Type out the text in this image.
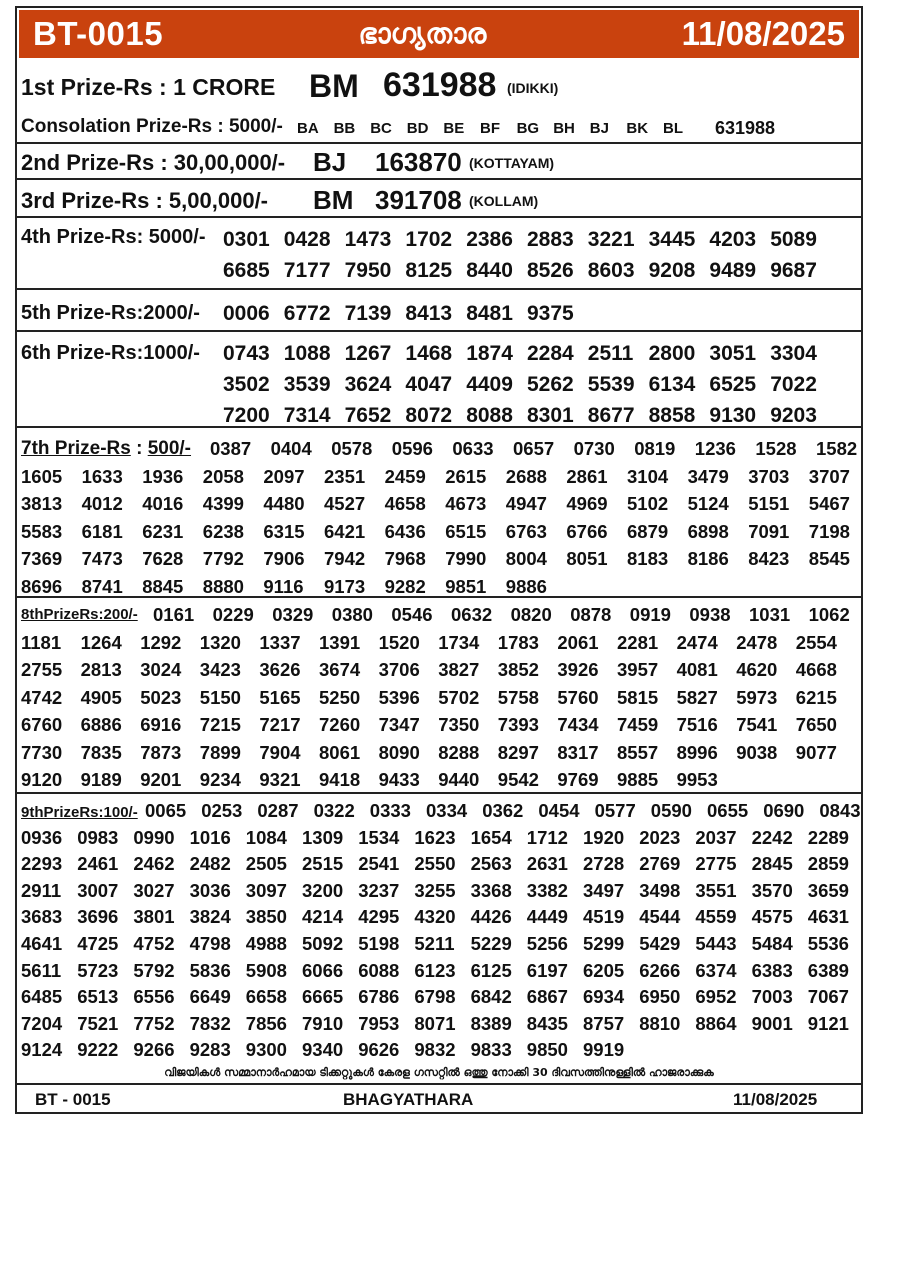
BT-0015	ഭാഗ്യതാര	11/08/2025
1st Prize-Rs : 1 CRORE BM 631988 (IDIKKI)
Consolation Prize-Rs : 5000/- BA BB BC BD BE BF BG BH BJ BK BL 631988
2nd Prize-Rs : 30,00,000/- BJ 163870 (KOTTAYAM)
3rd Prize-Rs : 5,00,000/- BM 391708 (KOLLAM)
4th Prize-Rs: 5000/- 0301 0428 1473 1702 2386 2883 3221 3445 4203 5089
6685 7177 7950 8125 8440 8526 8603 9208 9489 9687
5th Prize-Rs:2000/- 0006 6772 7139 8413 8481 9375
6th Prize-Rs:1000/- 0743 1088 1267 1468 1874 2284 2511 2800 3051 3304
3502 3539 3624 4047 4409 5262 5539 6134 6525 7022
7200 7314 7652 8072 8088 8301 8677 8858 9130 9203
7th Prize-Rs : 500/- 0387 0404 0578 0596 0633 0657 0730 0819 1236 1528 1582
1605 1633 1936 2058 2097 2351 2459 2615 2688 2861 3104 3479 3703 3707
3813 4012 4016 4399 4480 4527 4658 4673 4947 4969 5102 5124 5151 5467
5583 6181 6231 6238 6315 6421 6436 6515 6763 6766 6879 6898 7091 7198
7369 7473 7628 7792 7906 7942 7968 7990 8004 8051 8183 8186 8423 8545
8696 8741 8845 8880 9116 9173 9282 9851 9886
8thPrizeRs:200/- 0161 0229 0329 0380 0546 0632 0820 0878 0919 0938 1031 1062
1181 1264 1292 1320 1337 1391 1520 1734 1783 2061 2281 2474 2478 2554
2755 2813 3024 3423 3626 3674 3706 3827 3852 3926 3957 4081 4620 4668
4742 4905 5023 5150 5165 5250 5396 5702 5758 5760 5815 5827 5973 6215
6760 6886 6916 7215 7217 7260 7347 7350 7393 7434 7459 7516 7541 7650
7730 7835 7873 7899 7904 8061 8090 8288 8297 8317 8557 8996 9038 9077
9120 9189 9201 9234 9321 9418 9433 9440 9542 9769 9885 9953
9thPrizeRs:100/- 0065 0253 0287 0322 0333 0334 0362 0454 0577 0590 0655 0690 0843
0936 0983 0990 1016 1084 1309 1534 1623 1654 1712 1920 2023 2037 2242 2289
2293 2461 2462 2482 2505 2515 2541 2550 2563 2631 2728 2769 2775 2845 2859
2911 3007 3027 3036 3097 3200 3237 3255 3368 3382 3497 3498 3551 3570 3659
3683 3696 3801 3824 3850 4214 4295 4320 4426 4449 4519 4544 4559 4575 4631
4641 4725 4752 4798 4988 5092 5198 5211 5229 5256 5299 5429 5443 5484 5536
5611 5723 5792 5836 5908 6066 6088 6123 6125 6197 6205 6266 6374 6383 6389
6485 6513 6556 6649 6658 6665 6786 6798 6842 6867 6934 6950 6952 7003 7067
7204 7521 7752 7832 7856 7910 7953 8071 8389 8435 8757 8810 8864 9001 9121
9124 9222 9266 9283 9300 9340 9626 9832 9833 9850 9919
വിജയികൾ സമ്മാനാർഹമായ ടിക്കറ്റുകൾ കേരള ഗസറ്റിൽ ഒത്തു നോക്കി 30 ദിവസത്തിനുള്ളിൽ ഹാജരാക്കുക
BT - 0015	BHAGYATHARA	11/08/2025
